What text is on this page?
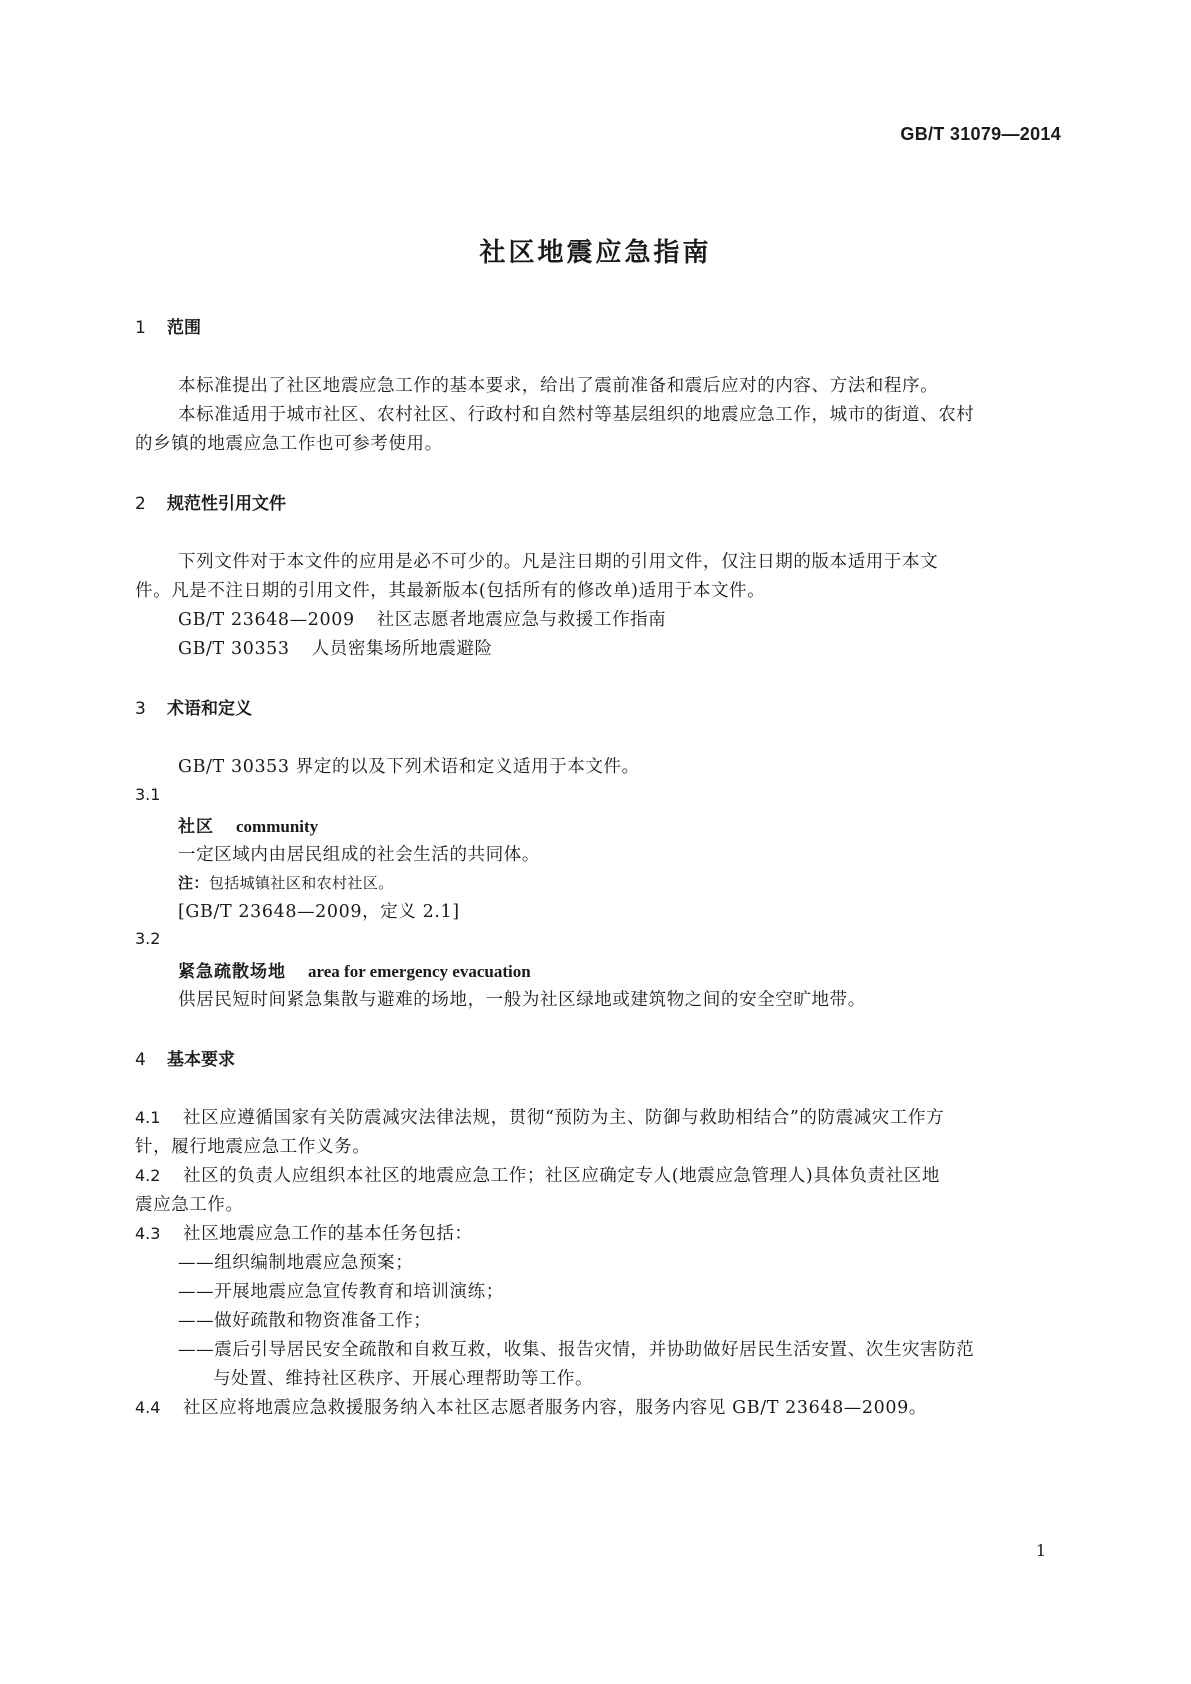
GB/T 31079—2014
社区地震应急指南
1 范围
本标准提出了社区地震应急工作的基本要求，给出了震前准备和震后应对的内容、方法和程序。
本标准适用于城市社区、农村社区、行政村和自然村等基层组织的地震应急工作，城市的街道、农村
的乡镇的地震应急工作也可参考使用。
2 规范性引用文件
下列文件对于本文件的应用是必不可少的。凡是注日期的引用文件，仅注日期的版本适用于本文
件。凡是不注日期的引用文件，其最新版本(包括所有的修改单)适用于本文件。
GB/T 23648—2009 社区志愿者地震应急与救援工作指南
GB/T 30353 人员密集场所地震避险
3 术语和定义
GB/T 30353 界定的以及下列术语和定义适用于本文件。
3.1
社区 community
一定区域内由居民组成的社会生活的共同体。
注：包括城镇社区和农村社区。
[GB/T 23648—2009，定义 2.1]
3.2
紧急疏散场地 area for emergency evacuation
供居民短时间紧急集散与避难的场地，一般为社区绿地或建筑物之间的安全空旷地带。
4 基本要求
4.1 社区应遵循国家有关防震减灾法律法规，贯彻“预防为主、防御与救助相结合”的防震减灾工作方
针，履行地震应急工作义务。
4.2 社区的负责人应组织本社区的地震应急工作；社区应确定专人(地震应急管理人)具体负责社区地
震应急工作。
4.3 社区地震应急工作的基本任务包括：
——组织编制地震应急预案；
——开展地震应急宣传教育和培训演练；
——做好疏散和物资准备工作；
——震后引导居民安全疏散和自救互救，收集、报告灾情，并协助做好居民生活安置、次生灾害防范
与处置、维持社区秩序、开展心理帮助等工作。
4.4 社区应将地震应急救援服务纳入本社区志愿者服务内容，服务内容见 GB/T 23648—2009。
1
